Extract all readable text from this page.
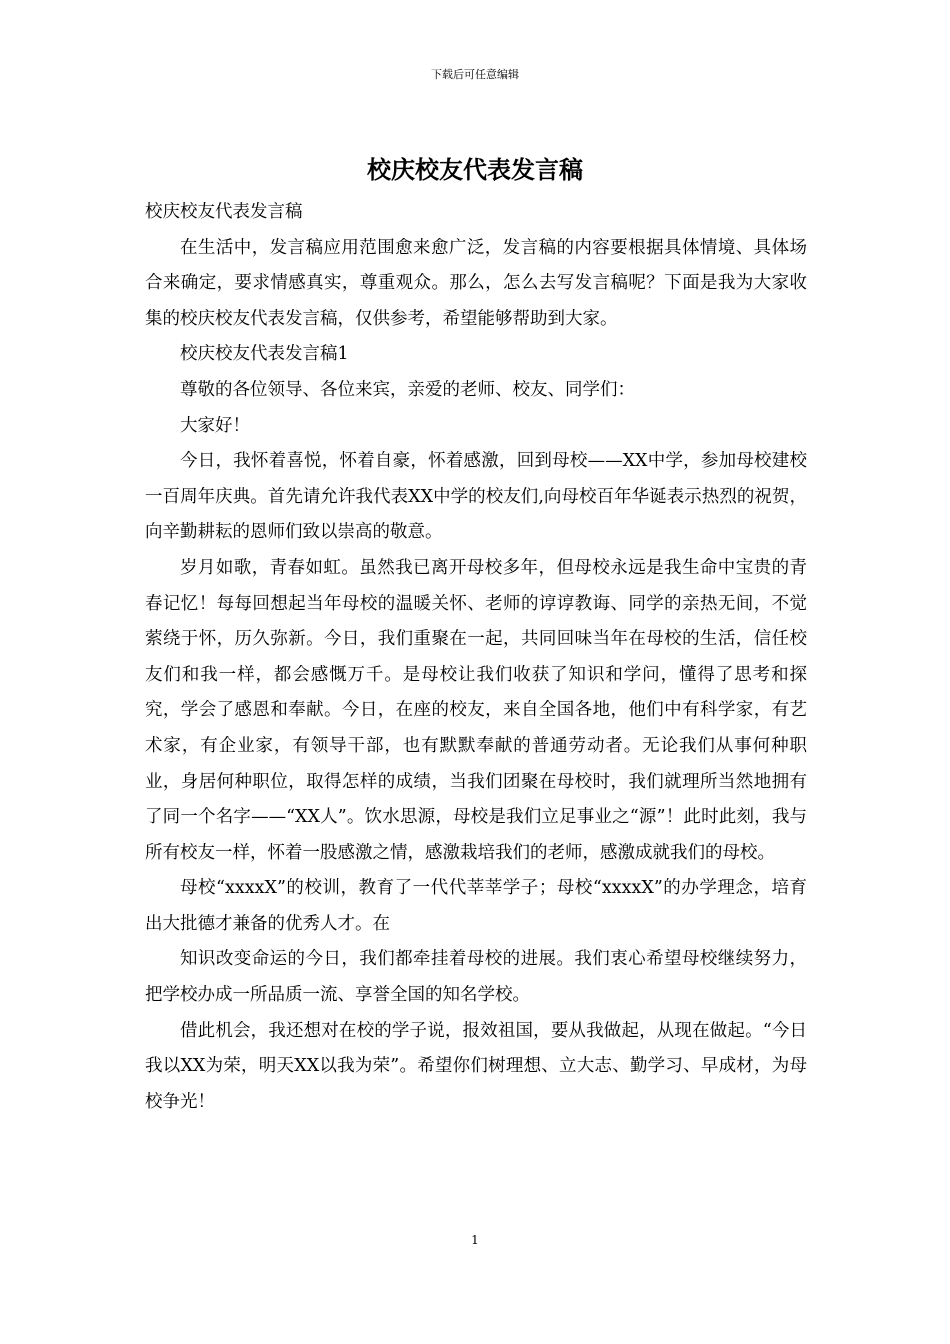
下载后可任意编辑
校庆校友代表发言稿

校庆校友代表发言稿

在生活中，发言稿应用范围愈来愈广泛，发言稿的内容要根据具体情境、具体场合来确定，要求情感真实，尊重观众。那么，怎么去写发言稿呢？下面是我为大家收集的校庆校友代表发言稿，仅供参考，希望能够帮助到大家。

校庆校友代表发言稿1

尊敬的各位领导、各位来宾，亲爱的老师、校友、同学们：

大家好！

今日，我怀着喜悦，怀着自豪，怀着感激，回到母校——XX中学，参加母校建校一百周年庆典。首先请允许我代表XX中学的校友们,向母校百年华诞表示热烈的祝贺，向辛勤耕耘的恩师们致以崇高的敬意。

岁月如歌，青春如虹。虽然我已离开母校多年，但母校永远是我生命中宝贵的青春记忆！每每回想起当年母校的温暖关怀、老师的谆谆教诲、同学的亲热无间，不觉萦绕于怀，历久弥新。今日，我们重聚在一起，共同回味当年在母校的生活，信任校友们和我一样，都会感慨万千。是母校让我们收获了知识和学问，懂得了思考和探究，学会了感恩和奉献。今日，在座的校友，来自全国各地，他们中有科学家，有艺术家，有企业家，有领导干部，也有默默奉献的普通劳动者。无论我们从事何种职业，身居何种职位，取得怎样的成绩，当我们团聚在母校时，我们就理所当然地拥有了同一个名字——“XX人”。饮水思源，母校是我们立足事业之“源”！此时此刻，我与所有校友一样，怀着一股感激之情，感激栽培我们的老师，感激成就我们的母校。

母校“xxxxX”的校训，教育了一代代莘莘学子；母校“xxxxX”的办学理念，培育出大批德才兼备的优秀人才。在

知识改变命运的今日，我们都牵挂着母校的进展。我们衷心希望母校继续努力，把学校办成一所品质一流、享誉全国的知名学校。

借此机会，我还想对在校的学子说，报效祖国，要从我做起，从现在做起。“今日我以XX为荣，明天XX以我为荣”。希望你们树理想、立大志、勤学习、早成材，为母校争光！

1
